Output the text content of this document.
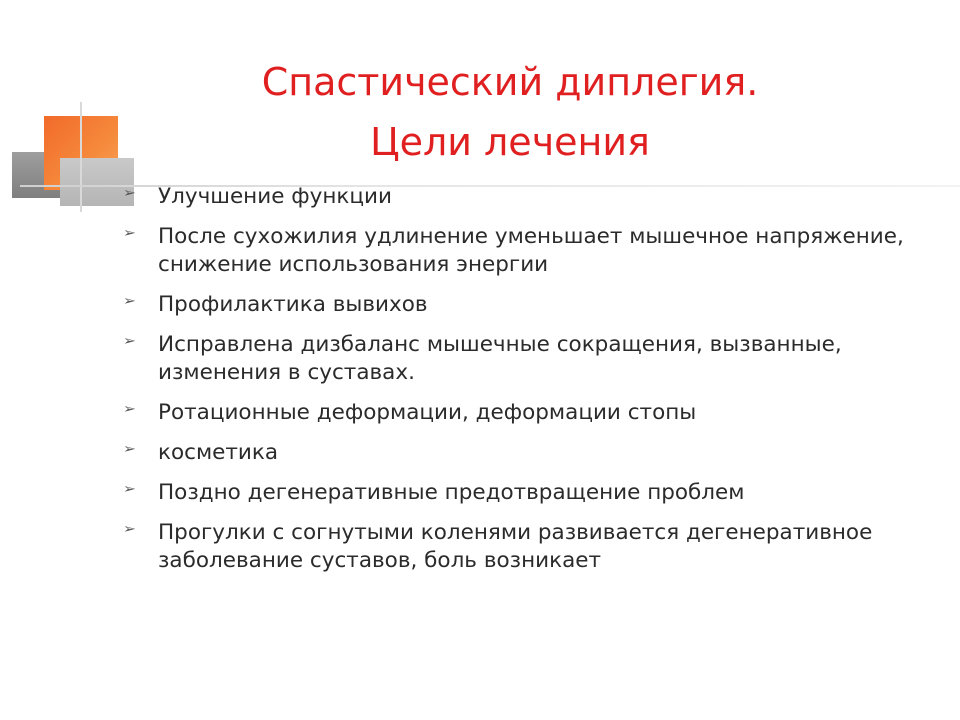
Спастический диплегия.
Цели лечения
➢ Улучшение функции
➢ После сухожилия удлинение уменьшает мышечное напряжение, снижение использования энергии
➢ Профилактика вывихов
➢ Исправлена дизбаланс мышечные сокращения, вызванные, изменения в суставах.
➢ Ротационные деформации, деформации стопы
➢ косметика
➢ Поздно дегенеративные предотвращение проблем
➢ Прогулки с согнутыми коленями развивается дегенеративное заболевание суставов, боль возникает
